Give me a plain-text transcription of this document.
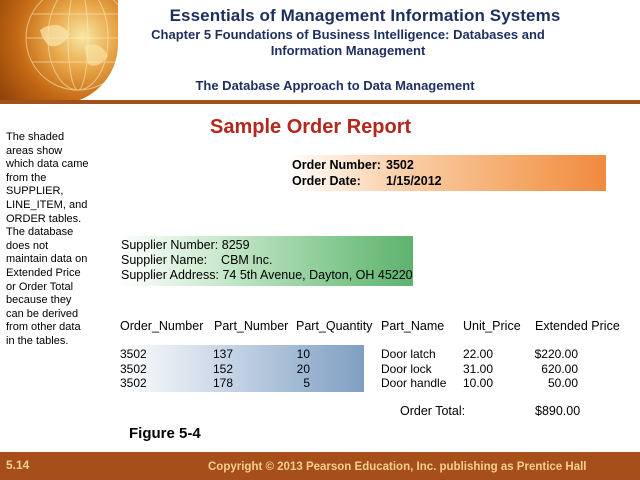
Essentials of Management Information Systems
Chapter 5 Foundations of Business Intelligence: Databases and Information Management
The Database Approach to Data Management
The shaded areas show which data came from the SUPPLIER, LINE_ITEM, and ORDER tables. The database does not maintain data on Extended Price or Order Total because they can be derived from other data in the tables.
Sample Order Report
Order Number: 3502
Order Date: 1/15/2012
Supplier Number: 8259
Supplier Name:    CBM Inc.
Supplier Address: 74 5th Avenue, Dayton, OH 45220
Order_Number Part_Number Part_Quantity Part_Name Unit_Price Extended Price
3502	137	10	Door latch 22.00	$220.00
3502	152	20	Door lock	31.00	620.00
3502	178	5	Door handle 10.00	50.00
Order Total:	$890.00
Figure 5-4
5.14	Copyright © 2013 Pearson Education, Inc. publishing as Prentice Hall
